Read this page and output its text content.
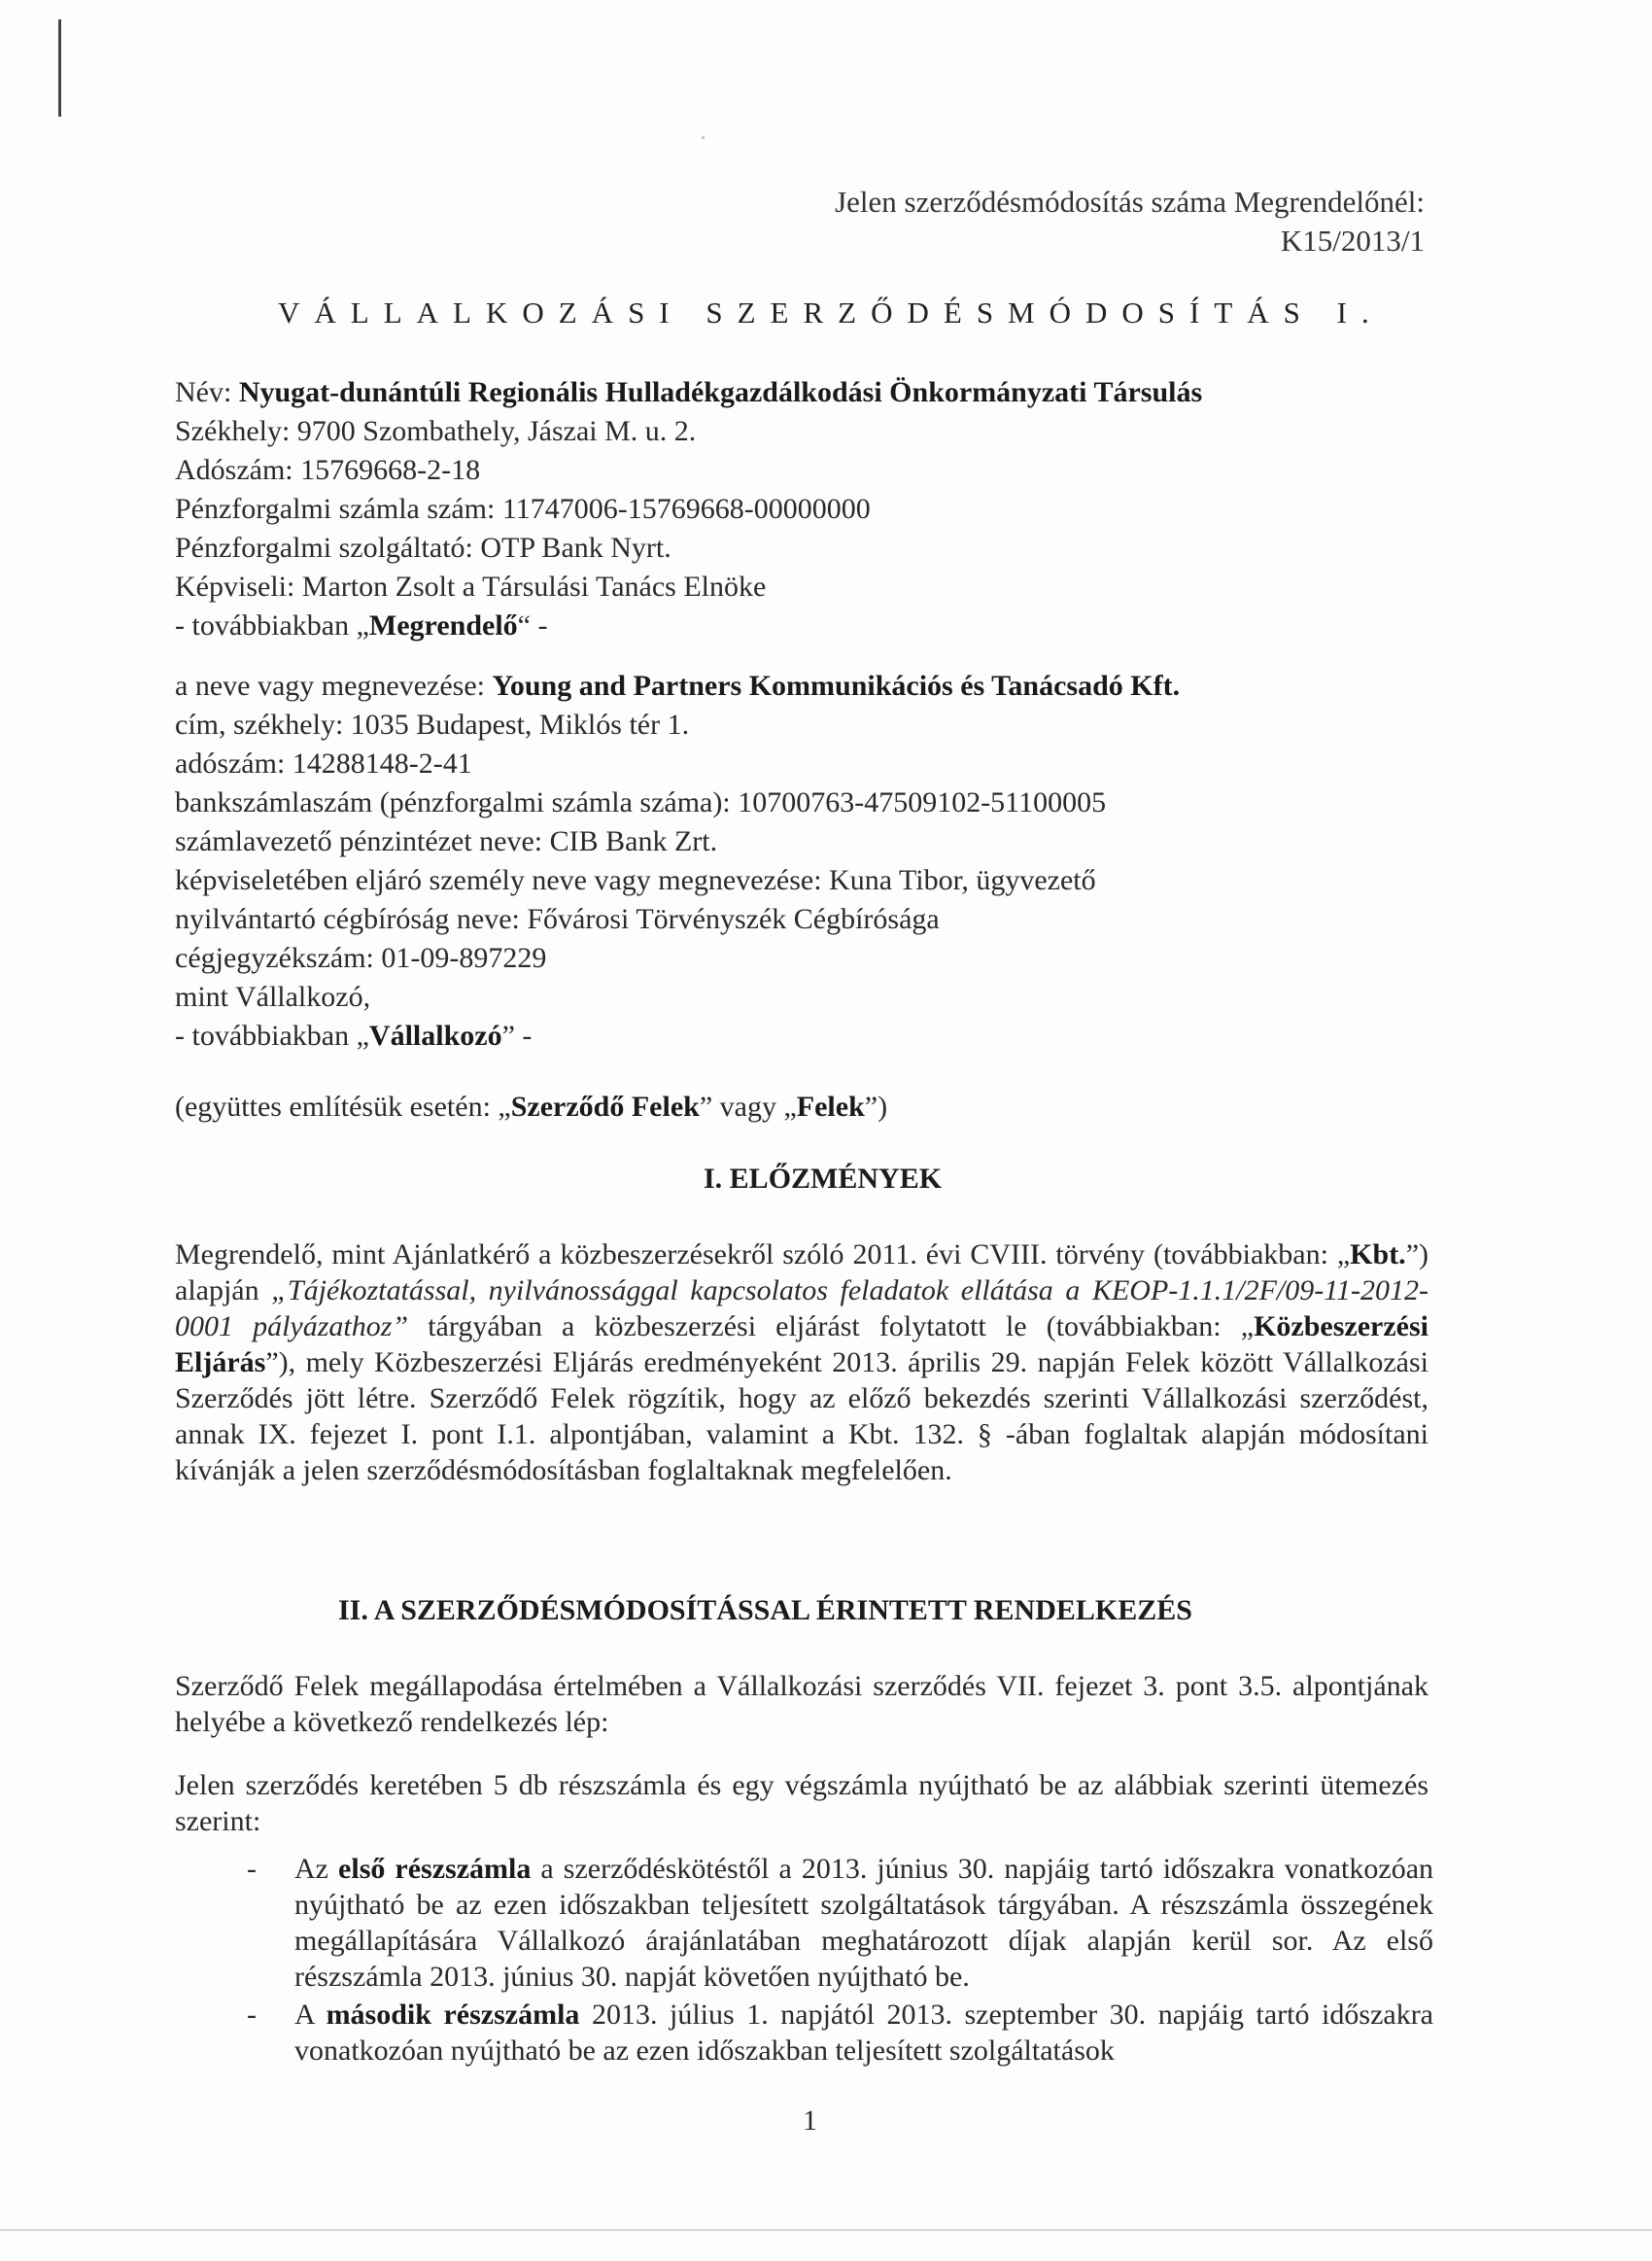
Jelen szerződésmódosítás száma Megrendelőnél:
K15/2013/1
VÁLLALKOZÁSI SZERZŐDÉSMÓDOSÍTÁS I.
Név: Nyugat-dunántúli Regionális Hulladékgazdálkodási Önkormányzati Társulás
Székhely: 9700 Szombathely, Jászai M. u. 2.
Adószám: 15769668-2-18
Pénzforgalmi számla szám: 11747006-15769668-00000000
Pénzforgalmi szolgáltató: OTP Bank Nyrt.
Képviseli: Marton Zsolt a Társulási Tanács Elnöke
- továbbiakban „Megrendelő“ -
a neve vagy megnevezése: Young and Partners Kommunikációs és Tanácsadó Kft.
cím, székhely: 1035 Budapest, Miklós tér 1.
adószám: 14288148-2-41
bankszámlaszám (pénzforgalmi számla száma): 10700763-47509102-51100005
számlavezető pénzintézet neve: CIB Bank Zrt.
képviseletében eljáró személy neve vagy megnevezése: Kuna Tibor, ügyvezető
nyilvántartó cégbíróság neve: Fővárosi Törvényszék Cégbírósága
cégjegyzékszám: 01-09-897229
mint Vállalkozó,
- továbbiakban „Vállalkozó” -
(együttes említésük esetén: „Szerződő Felek” vagy „Felek”)
I. ELŐZMÉNYEK
Megrendelő, mint Ajánlatkérő a közbeszerzésekről szóló 2011. évi CVIII. törvény (továbbiakban: „Kbt.”) alapján „Tájékoztatással, nyilvánossággal kapcsolatos feladatok ellátása a KEOP-1.1.1/2F/09-11-2012-0001 pályázathoz” tárgyában a közbeszerzési eljárást folytatott le (továbbiakban: „Közbeszerzési Eljárás”), mely Közbeszerzési Eljárás eredményeként 2013. április 29. napján Felek között Vállalkozási Szerződés jött létre. Szerződő Felek rögzítik, hogy az előző bekezdés szerinti Vállalkozási szerződést, annak IX. fejezet I. pont I.1. alpontjában, valamint a Kbt. 132. § -ában foglaltak alapján módosítani kívánják a jelen szerződésmódosításban foglaltaknak megfelelően.
II. A SZERZŐDÉSMÓDOSÍTÁSSAL ÉRINTETT RENDELKEZÉS
Szerződő Felek megállapodása értelmében a Vállalkozási szerződés VII. fejezet 3. pont 3.5. alpontjának helyébe a következő rendelkezés lép:
Jelen szerződés keretében 5 db részszámla és egy végszámla nyújtható be az alábbiak szerinti ütemezés szerint:
- Az első részszámla a szerződéskötéstől a 2013. június 30. napjáig tartó időszakra vonatkozóan nyújtható be az ezen időszakban teljesített szolgáltatások tárgyában. A részszámla összegének megállapítására Vállalkozó árajánlatában meghatározott díjak alapján kerül sor. Az első részszámla 2013. június 30. napját követően nyújtható be.
- A második részszámla 2013. július 1. napjától 2013. szeptember 30. napjáig tartó időszakra vonatkozóan nyújtható be az ezen időszakban teljesített szolgáltatások
1
